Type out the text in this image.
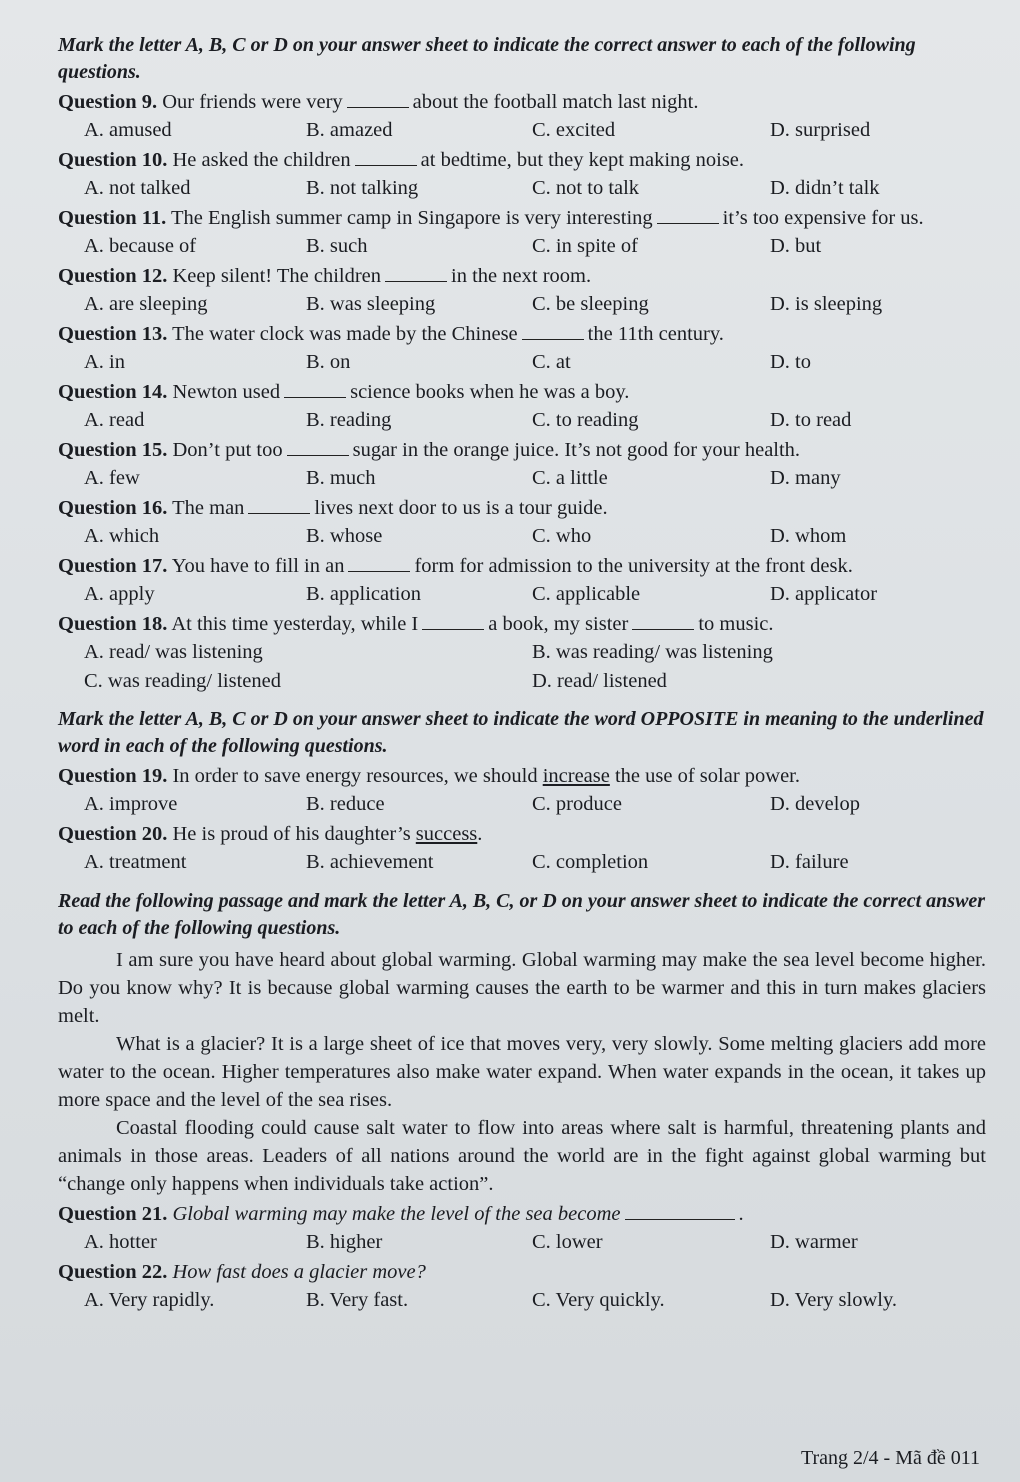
Mark the letter A, B, C or D on your answer sheet to indicate the correct answer to each of the following questions.

Question 9. Our friends were very	about the football match last night.

A. amused	B. amazed	C. excited	D. surprised

Question 10. He asked the children	at bedtime, but they kept making noise.

A. not talked	B. not talking	C. not to talk	D. didn’t talk

Question 11. The English summer camp in Singapore is very interesting	it’s too expensive for us.

A. because of	B. such	C. in spite of	D. but

Question 12. Keep silent! The children	in the next room.

A. are sleeping	B. was sleeping	C. be sleeping	D. is sleeping

Question 13. The water clock was made by the Chinese	the 11th century.

A. in	B. on	C. at	D. to

Question 14. Newton used	science books when he was a boy.

A. read	B. reading	C. to reading	D. to read

Question 15. Don’t put too	sugar in the orange juice. It’s not good for your health.

A. few	B. much	C. a little	D. many

Question 16. The man	lives next door to us is a tour guide.

A. which	B. whose	C. who	D. whom

Question 17. You have to fill in an	form for admission to the university at the front desk.

A. apply	B. application	C. applicable	D. applicator

Question 18. At this time yesterday, while I	a book, my sister	to music.

A. read/ was listening	B. was reading/ was listening
C. was reading/ listened	D. read/ listened

Mark the letter A, B, C or D on your answer sheet to indicate the word OPPOSITE in meaning to the underlined word in each of the following questions.

Question 19. In order to save energy resources, we should increase the use of solar power.

A. improve	B. reduce	C. produce	D. develop

Question 20. He is proud of his daughter’s success.

A. treatment	B. achievement	C. completion	D. failure

Read the following passage and mark the letter A, B, C, or D on your answer sheet to indicate the correct answer to each of the following questions.

I am sure you have heard about global warming. Global warming may make the sea level become higher. Do you know why? It is because global warming causes the earth to be warmer and this in turn makes glaciers melt.

What is a glacier? It is a large sheet of ice that moves very, very slowly. Some melting glaciers add more water to the ocean. Higher temperatures also make water expand. When water expands in the ocean, it takes up more space and the level of the sea rises.

Coastal flooding could cause salt water to flow into areas where salt is harmful, threatening plants and animals in those areas. Leaders of all nations around the world are in the fight against global warming but “change only happens when individuals take action”.

Question 21. Global warming may make the level of the sea become	.

A. hotter	B. higher	C. lower	D. warmer

Question 22. How fast does a glacier move?

A. Very rapidly.	B. Very fast.	C. Very quickly.	D. Very slowly.
Trang 2/4 - Mã đề 011
